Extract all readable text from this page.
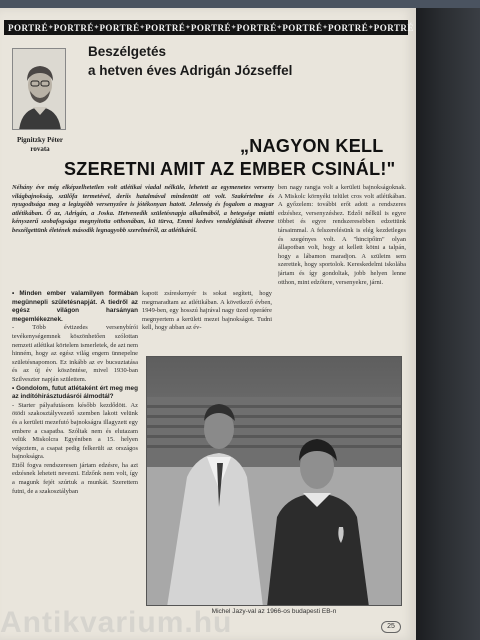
PORTRÉ ✦ PORTRÉ ✦ PORTRÉ ✦ PORTRÉ ✦ PORTRÉ ✦ PORTRÉ ✦ PORTRÉ ✦ PORTRÉ ✦ PORTRÉ
Beszélgetés
a hetven éves Adrigán Józseffel
Pignitzky Péter
rovata	„NAGYON KELL
SZERETNI AMIT AZ EMBER CSINÁL!"
Néhány éve még elképzelhetetlen volt atlétikai viadal nélküle, lehetett az egymenetes verseny világbajnokság, szülőfa termetével, deriis hatalmával mindenütt ott volt. Szakértelme és nyugodtsága meg a legizgóbb versenyzőre is jótékonyan hatott. Jelenség és fogalom a magyar atlétikában. Ő az, Adrigán, a Joska. Hetvenedik születésnapja alkalmából, a betegsége miatti kényszerű szobafogsága megnyitotta otthonában, kü türva, Emmi kedves vendéglátását élvezve beszélgettünk életének második legnagyobb szerelméről, az atlétikáról.
ben nagy rangja volt a kerületi bajnokságoknak. A Miskolc környéki telület cros volt atlétikában. A győzelem: további erőt adott a rendszeres edzéshez, versenyzéshez. Edzői nélkül is egyre többet és egyre rendszeresebben edzettünk társaimmal. A felszerelésünk is elég kezdetleges és szegényes volt. A "hincipőim" olyan állapotban volt, hogy at kellett kötni a talpán, hogy a lábamon maradjon. A szüleim sem szerettek, hogy sportolok. Kereskedelmi iskolába jártam és így gondoltak, jobb helyen lenne otthon, mint edzőtere, versenyekre, járni.

• Minden ember valamilyen formában megünnepli születésnapját. A tiedről az egész világon harsányan megemlékeznek.

- Több évtizedes versenybírói tevékenységemnek köszönhetően szólottan nemzeti atlétikai körtelem ismerletek, de azt nem hinném, hogy az egész világ engem ünnepelne születésnapomon. Ez inkább az ev bucsuztatása és az új év köszöntése, mivel 1930-ban Szilveszter napján születtem.

• Gondolom, futut atlétaként ért meg meg az indítóhirásztudásrói álmodtál?

- Starter pályafutásom később kezdődött. Az ötödi szakosztályvezető szemben lakott velünk és a kerületi mezefutó bajnokságra illagyzett egy embere a csapatba. Szóltak nem és elutazam velük Miskolcra Egyéniben a 15. helyen végeztem, a csapat pedig felkerült az országos bajnokságra.

Ettől fogva rendszeresen jártam edzésre, ha azt edzésnek lehetett nevezni. Edzőnk nem volt, így a magunk fejét szúrtuk a munkát. Szerettem futni, de a szakosztályban

kapott zsíreskenyér is sokat segített, hogy megmaradtam az atlétikában. A következő évben, 1949-ben, egy hosszú hajrával nagy üzed operáére megnyertem a kerületi mezei bajnokságot. Tudni kell, hogy abban az év-
Michel Jazy-val az 1966-os budapesti EB-n
Antikvarium.hu	25
